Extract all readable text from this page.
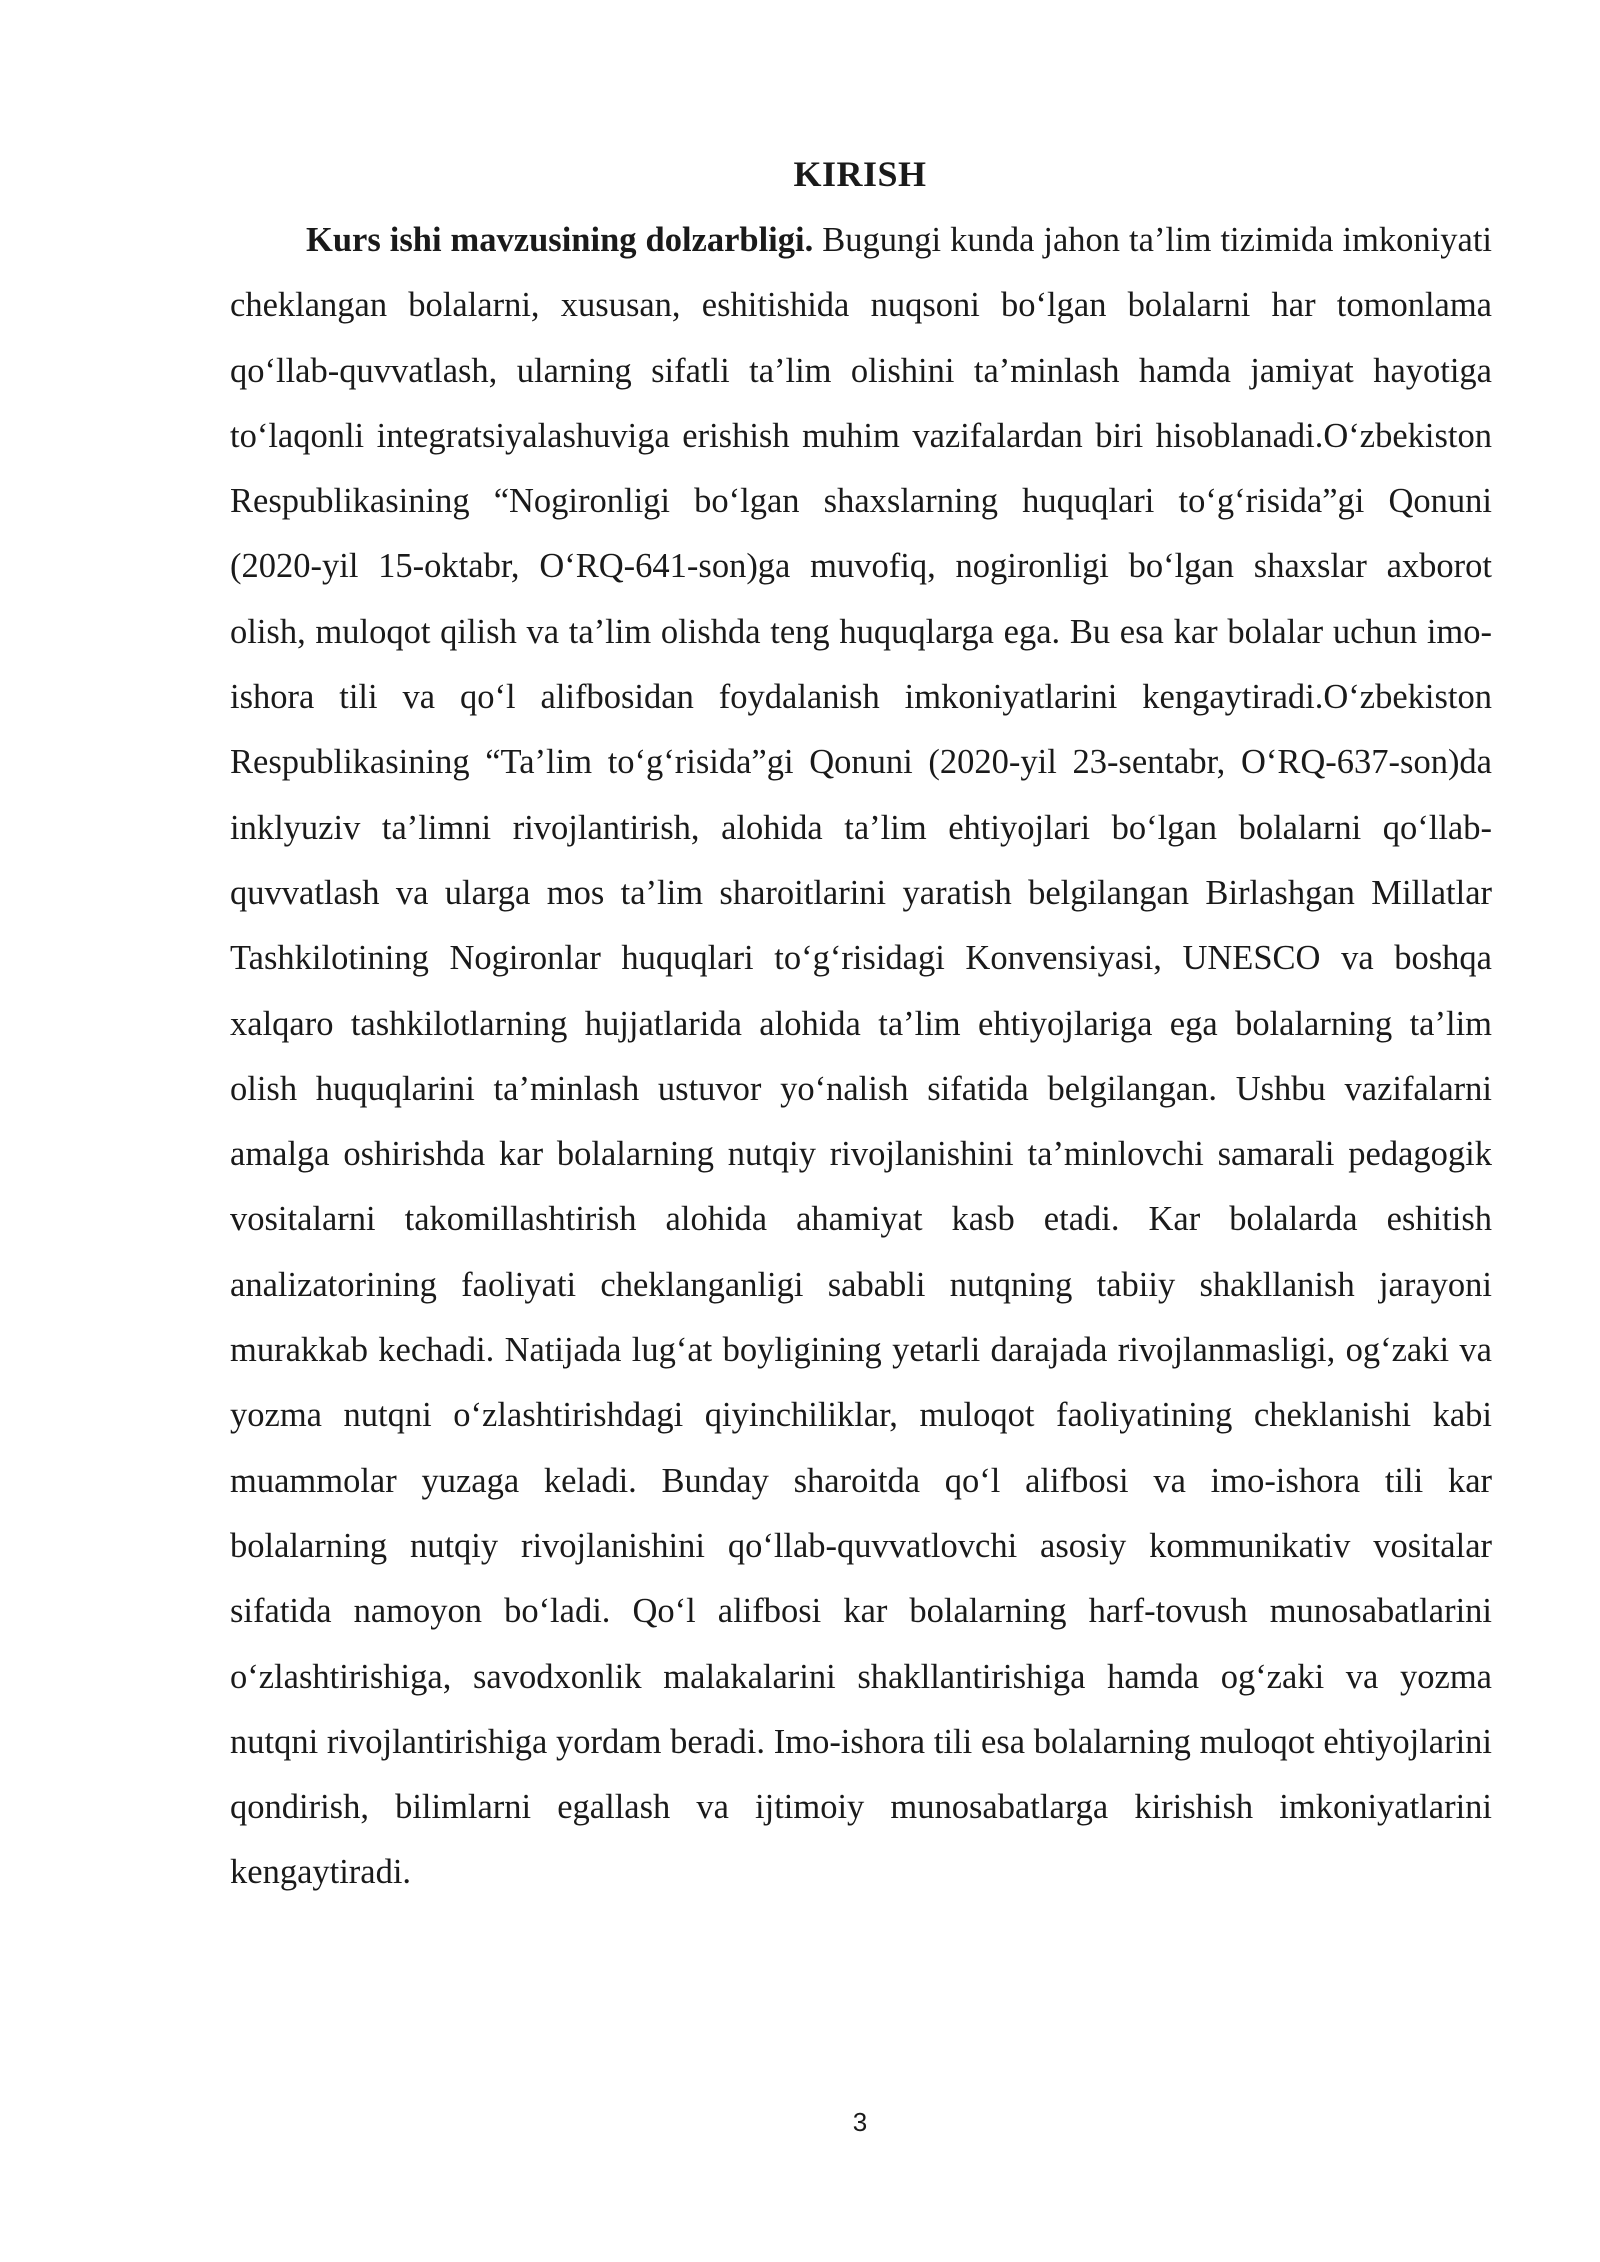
KIRISH

Kurs ishi mavzusining dolzarbligi. Bugungi kunda jahon ta’lim tizimida imkoniyati cheklangan bolalarni, xususan, eshitishida nuqsoni bo‘lgan bolalarni har tomonlama qo‘llab-quvvatlash, ularning sifatli ta’lim olishini ta’minlash hamda jamiyat hayotiga to‘laqonli integratsiyalashuviga erishish muhim vazifalardan biri hisoblanadi.O‘zbekiston Respublikasining “Nogironligi bo‘lgan shaxslarning huquqlari to‘g‘risida”gi Qonuni (2020-yil 15-oktabr, O‘RQ-641-son)ga muvofiq, nogironligi bo‘lgan shaxslar axborot olish, muloqot qilish va ta’lim olishda teng huquqlarga ega. Bu esa kar bolalar uchun imo-ishora tili va qo‘l alifbosidan foydalanish imkoniyatlarini kengaytiradi.O‘zbekiston Respublikasining “Ta’lim to‘g‘risida”gi Qonuni (2020-yil 23-sentabr, O‘RQ-637-son)da inklyuziv ta’limni rivojlantirish, alohida ta’lim ehtiyojlari bo‘lgan bolalarni qo‘llab-quvvatlash va ularga mos ta’lim sharoitlarini yaratish belgilangan Birlashgan Millatlar Tashkilotining Nogironlar huquqlari to‘g‘risidagi Konvensiyasi, UNESCO va boshqa xalqaro tashkilotlarning hujjatlarida alohida ta’lim ehtiyojlariga ega bolalarning ta’lim olish huquqlarini ta’minlash ustuvor yo‘nalish sifatida belgilangan. Ushbu vazifalarni amalga oshirishda kar bolalarning nutqiy rivojlanishini ta’minlovchi samarali pedagogik vositalarni takomillashtirish alohida ahamiyat kasb etadi. Kar bolalarda eshitish analizatorining faoliyati cheklanganligi sababli nutqning tabiiy shakllanish jarayoni murakkab kechadi. Natijada lug‘at boyligining yetarli darajada rivojlanmasligi, og‘zaki va yozma nutqni o‘zlashtirishdagi qiyinchiliklar, muloqot faoliyatining cheklanishi kabi muammolar yuzaga keladi. Bunday sharoitda qo‘l alifbosi va imo-ishora tili kar bolalarning nutqiy rivojlanishini qo‘llab-quvvatlovchi asosiy kommunikativ vositalar sifatida namoyon bo‘ladi. Qo‘l alifbosi kar bolalarning harf-tovush munosabatlarini o‘zlashtirishiga, savodxonlik malakalarini shakllantirishiga hamda og‘zaki va yozma nutqni rivojlantirishiga yordam beradi. Imo-ishora tili esa bolalarning muloqot ehtiyojlarini qondirish, bilimlarni egallash va ijtimoiy munosabatlarga kirishish imkoniyatlarini kengaytiradi.

3
